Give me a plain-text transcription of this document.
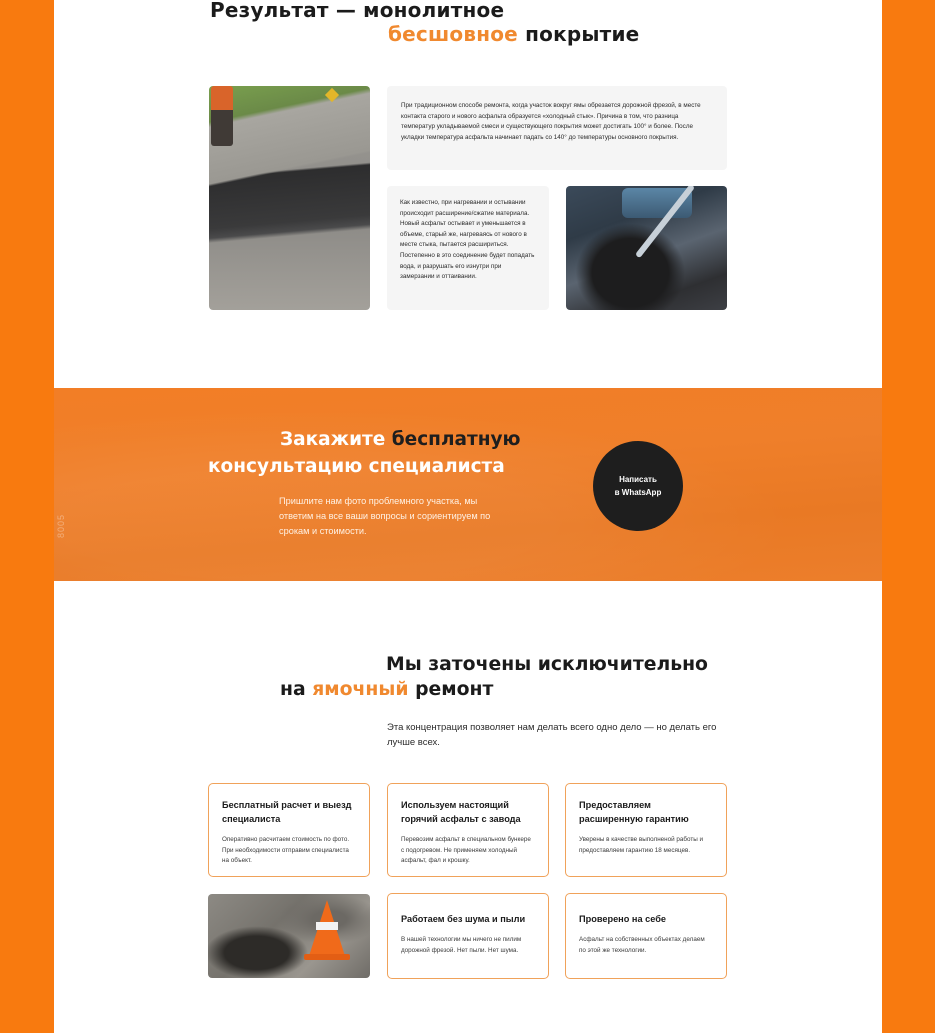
Результат — монолитное
бесшовное покрытие

При традиционном способе ремонта, когда участок вокруг ямы обрезается дорожной фрезой, в месте контакта старого и нового асфальта образуется «холодный стык». Причина в том, что разница температур укладываемой смеси и существующего покрытия может достигать 100° и более. После укладки температура асфальта начинает падать со 140° до температуры основного покрытия.

Как известно, при нагревании и остывании происходит расширение/сжатие материала. Новый асфальт остывает и уменьшается в объеме, старый же, нагреваясь от нового в месте стыка, пытается расшириться. Постепенно в это соединение будет попадать вода, и разрушать его изнутри при замерзании и оттаивании.

8005
Закажите бесплатную
консультацию специалиста

Пришлите нам фото проблемного участка, мы ответим на все ваши вопросы и сориентируем по срокам и стоимости.

Написать
в WhatsApp
Мы заточены исключительно
на ямочный ремонт

Эта концентрация позволяет нам делать всего одно дело — но делать его лучше всех.

Бесплатный расчет и выезд специалиста

Оперативно расчитаем стоимость по фото. При необходимости отправим специалиста на объект.

Используем настоящий горячий асфальт с завода

Перевозим асфальт в специальном бункере с подогревом. Не применяем холодный асфальт, фал и крошку.

Предоставляем расширенную гарантию

Уверены в качестве выполненой работы и предоставляем гарантию 18 месяцев.

Работаем без шума и пыли

В нашей технологии мы ничего не пилим дорожной фрезой. Нет пыли. Нет шума.

Проверено на себе

Асфальт на собственных объектах делаем по этой же технологии.
